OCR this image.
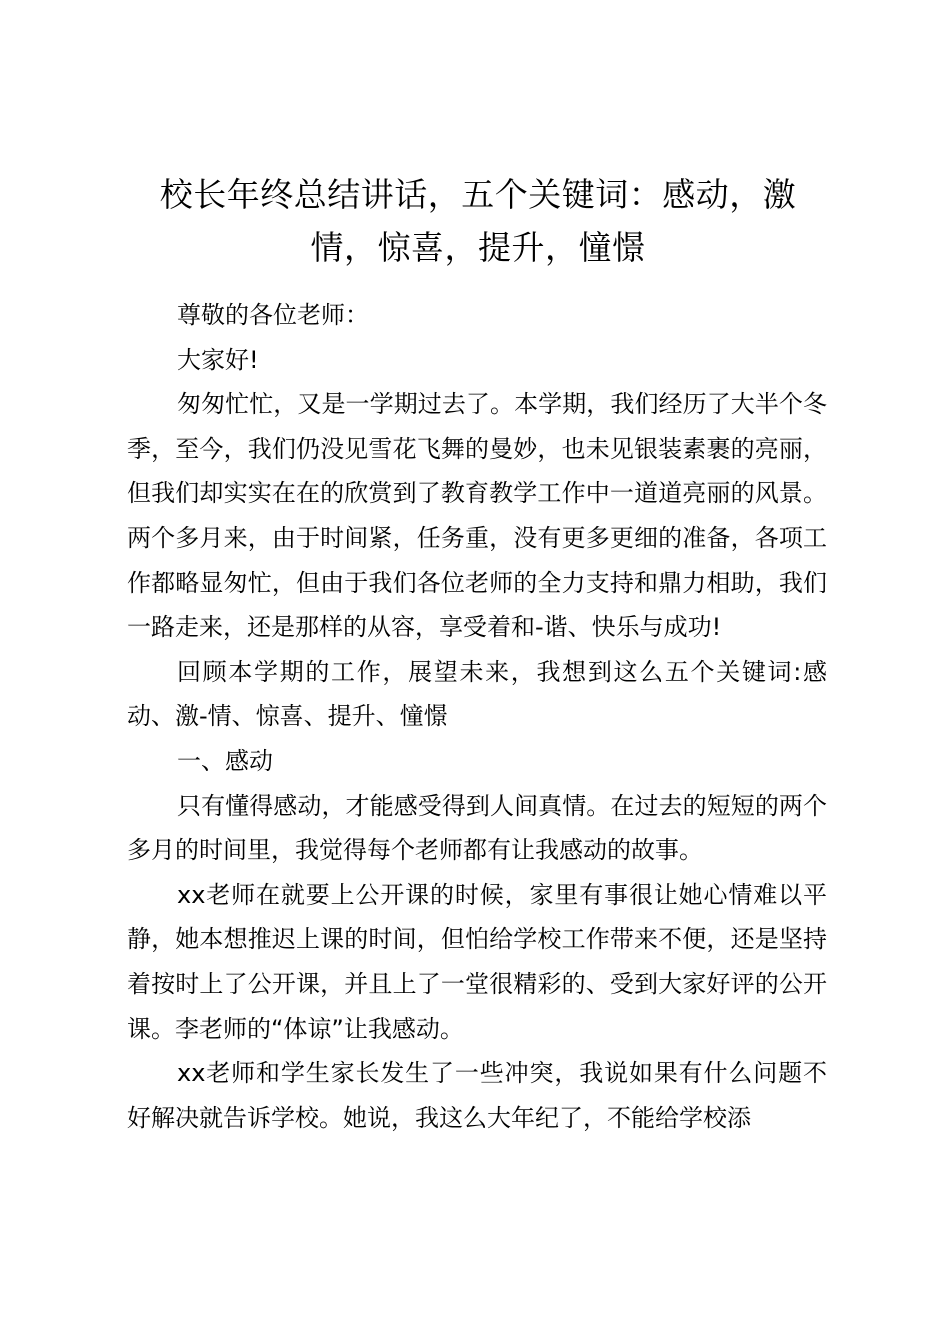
校长年终总结讲话，五个关键词：感动，激情，惊喜，提升，憧憬

尊敬的各位老师：

大家好!

匆匆忙忙，又是一学期过去了。本学期，我们经历了大半个冬季，至今，我们仍没见雪花飞舞的曼妙，也未见银装素裹的亮丽，但我们却实实在在的欣赏到了教育教学工作中一道道亮丽的风景。两个多月来，由于时间紧，任务重，没有更多更细的准备，各项工作都略显匆忙，但由于我们各位老师的全力支持和鼎力相助，我们一路走来，还是那样的从容，享受着和-谐、快乐与成功!

回顾本学期的工作，展望未来，我想到这么五个关键词:感动、激-情、惊喜、提升、憧憬

一、感动

只有懂得感动，才能感受得到人间真情。在过去的短短的两个多月的时间里，我觉得每个老师都有让我感动的故事。

xx老师在就要上公开课的时候，家里有事很让她心情难以平静，她本想推迟上课的时间，但怕给学校工作带来不便，还是坚持着按时上了公开课，并且上了一堂很精彩的、受到大家好评的公开课。李老师的“体谅”让我感动。

xx老师和学生家长发生了一些冲突，我说如果有什么问题不好解决就告诉学校。她说，我这么大年纪了，不能给学校添
